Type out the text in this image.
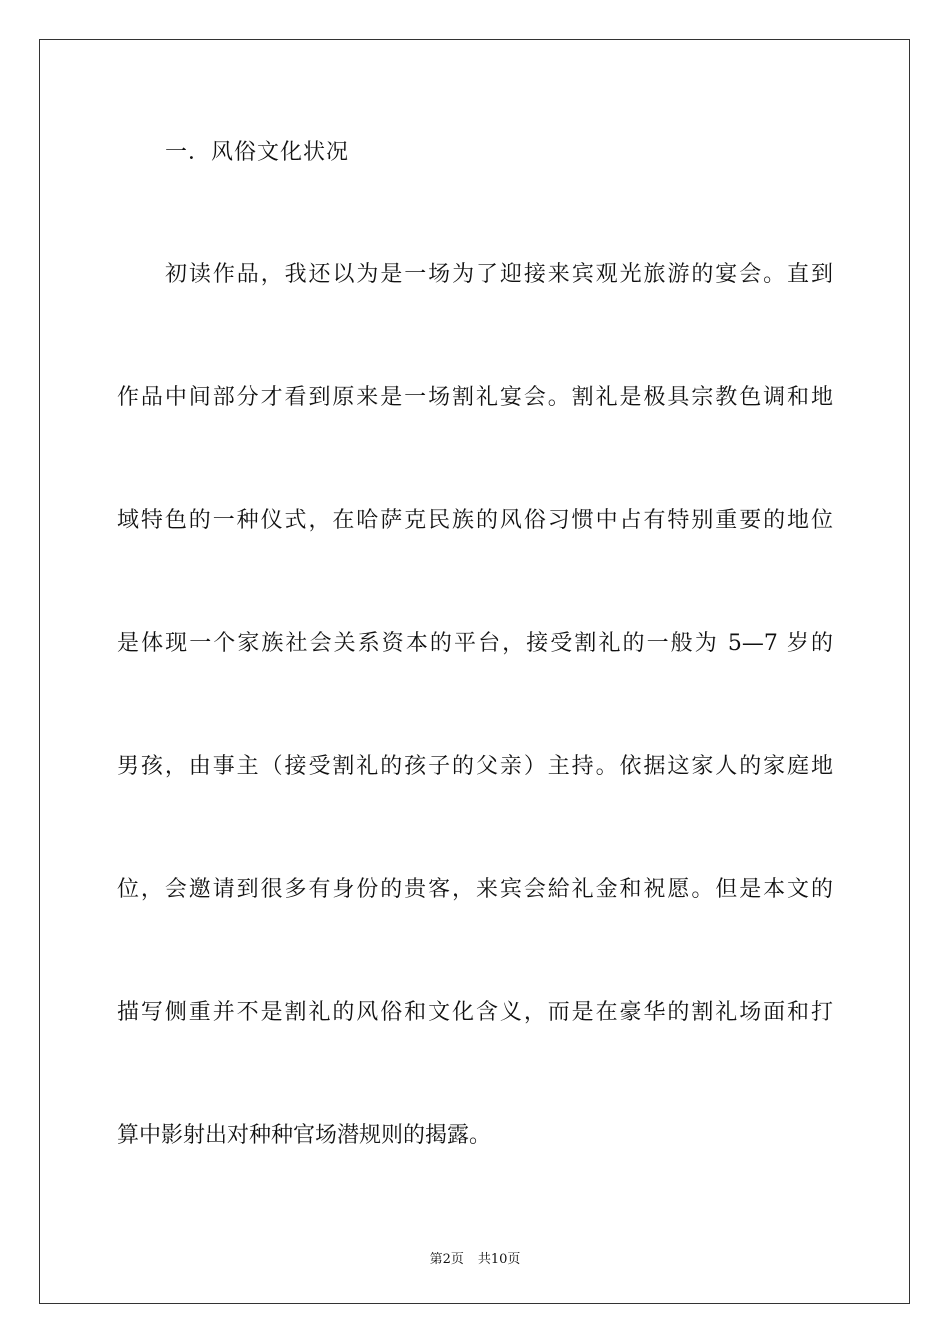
一．风俗文化状况
初读作品，我还以为是一场为了迎接来宾观光旅游的宴会。直到
作品中间部分才看到原来是一场割礼宴会。割礼是极具宗教色调和地
域特色的一种仪式，在哈萨克民族的风俗习惯中占有特别重要的地位
是体现一个家族社会关系资本的平台，接受割礼的一般为 5—7 岁的
男孩，由事主（接受割礼的孩子的父亲）主持。依据这家人的家庭地
位，会邀请到很多有身份的贵客，来宾会給礼金和祝愿。但是本文的
描写侧重并不是割礼的风俗和文化含义，而是在豪华的割礼场面和打
算中影射出对种种官场潜规则的揭露。
第2页 共10页
